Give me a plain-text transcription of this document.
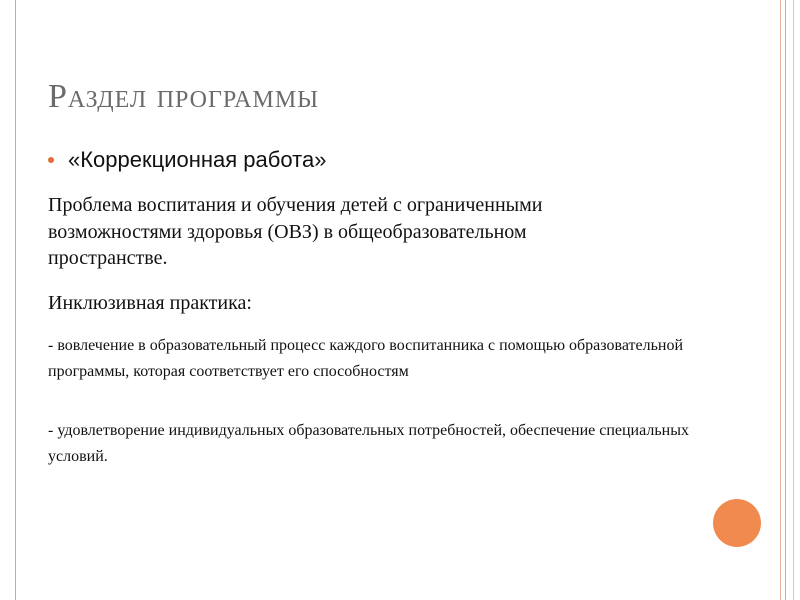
Раздел программы
«Коррекционная работа»
Проблема воспитания и обучения детей с ограниченными возможностями здоровья (ОВЗ) в общеобразовательном пространстве.
Инклюзивная практика:
- вовлечение в образовательный процесс каждого воспитанника с помощью образовательной программы, которая соответствует его способностям
- удовлетворение индивидуальных образовательных потребностей, обеспечение специальных условий.
